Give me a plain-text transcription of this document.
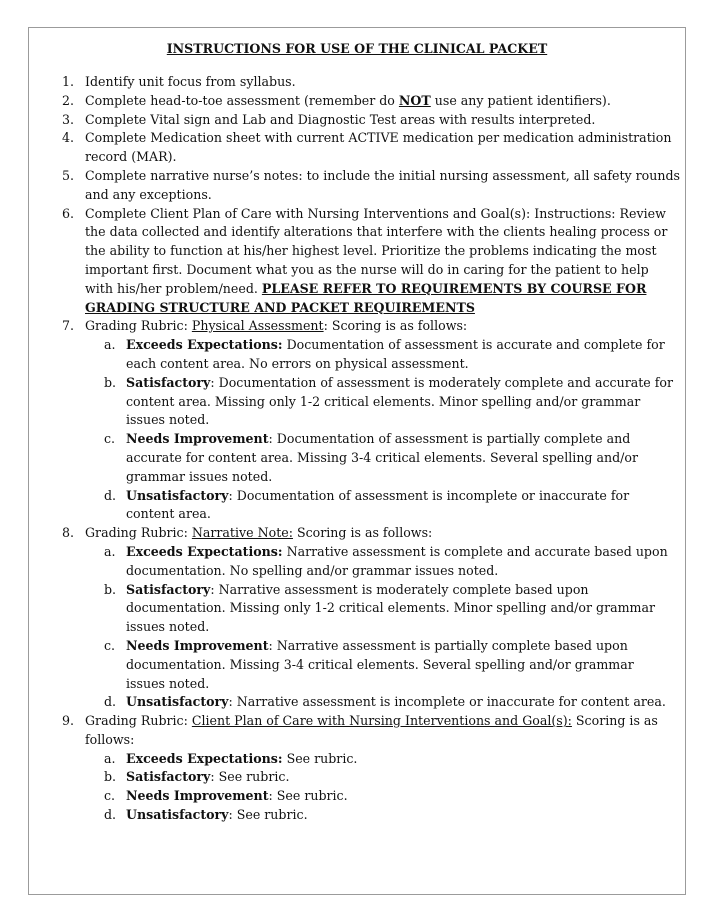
INSTRUCTIONS FOR USE OF THE CLINICAL PACKET
1. Identify unit focus from syllabus.
2. Complete head-to-toe assessment (remember do NOT use any patient identifiers).
3. Complete Vital sign and Lab and Diagnostic Test areas with results interpreted.
4. Complete Medication sheet with current ACTIVE medication per medication administration record (MAR).
5. Complete narrative nurse’s notes: to include the initial nursing assessment, all safety rounds and any exceptions.
6. Complete Client Plan of Care with Nursing Interventions and Goal(s): Instructions: Review the data collected and identify alterations that interfere with the clients healing process or the ability to function at his/her highest level. Prioritize the problems indicating the most important first. Document what you as the nurse will do in caring for the patient to help with his/her problem/need. PLEASE REFER TO REQUIREMENTS BY COURSE FOR GRADING STRUCTURE AND PACKET REQUIREMENTS
7. Grading Rubric: Physical Assessment: Scoring is as follows:
a. Exceeds Expectations: Documentation of assessment is accurate and complete for each content area. No errors on physical assessment.
b. Satisfactory: Documentation of assessment is moderately complete and accurate for content area. Missing only 1-2 critical elements. Minor spelling and/or grammar issues noted.
c. Needs Improvement: Documentation of assessment is partially complete and accurate for content area. Missing 3-4 critical elements. Several spelling and/or grammar issues noted.
d. Unsatisfactory: Documentation of assessment is incomplete or inaccurate for content area.
8. Grading Rubric: Narrative Note: Scoring is as follows:
a. Exceeds Expectations: Narrative assessment is complete and accurate based upon documentation. No spelling and/or grammar issues noted.
b. Satisfactory: Narrative assessment is moderately complete based upon documentation. Missing only 1-2 critical elements. Minor spelling and/or grammar issues noted.
c. Needs Improvement: Narrative assessment is partially complete based upon documentation. Missing 3-4 critical elements. Several spelling and/or grammar issues noted.
d. Unsatisfactory: Narrative assessment is incomplete or inaccurate for content area.
9. Grading Rubric: Client Plan of Care with Nursing Interventions and Goal(s): Scoring is as follows:
a. Exceeds Expectations: See rubric.
b. Satisfactory: See rubric.
c. Needs Improvement: See rubric.
d. Unsatisfactory: See rubric.
